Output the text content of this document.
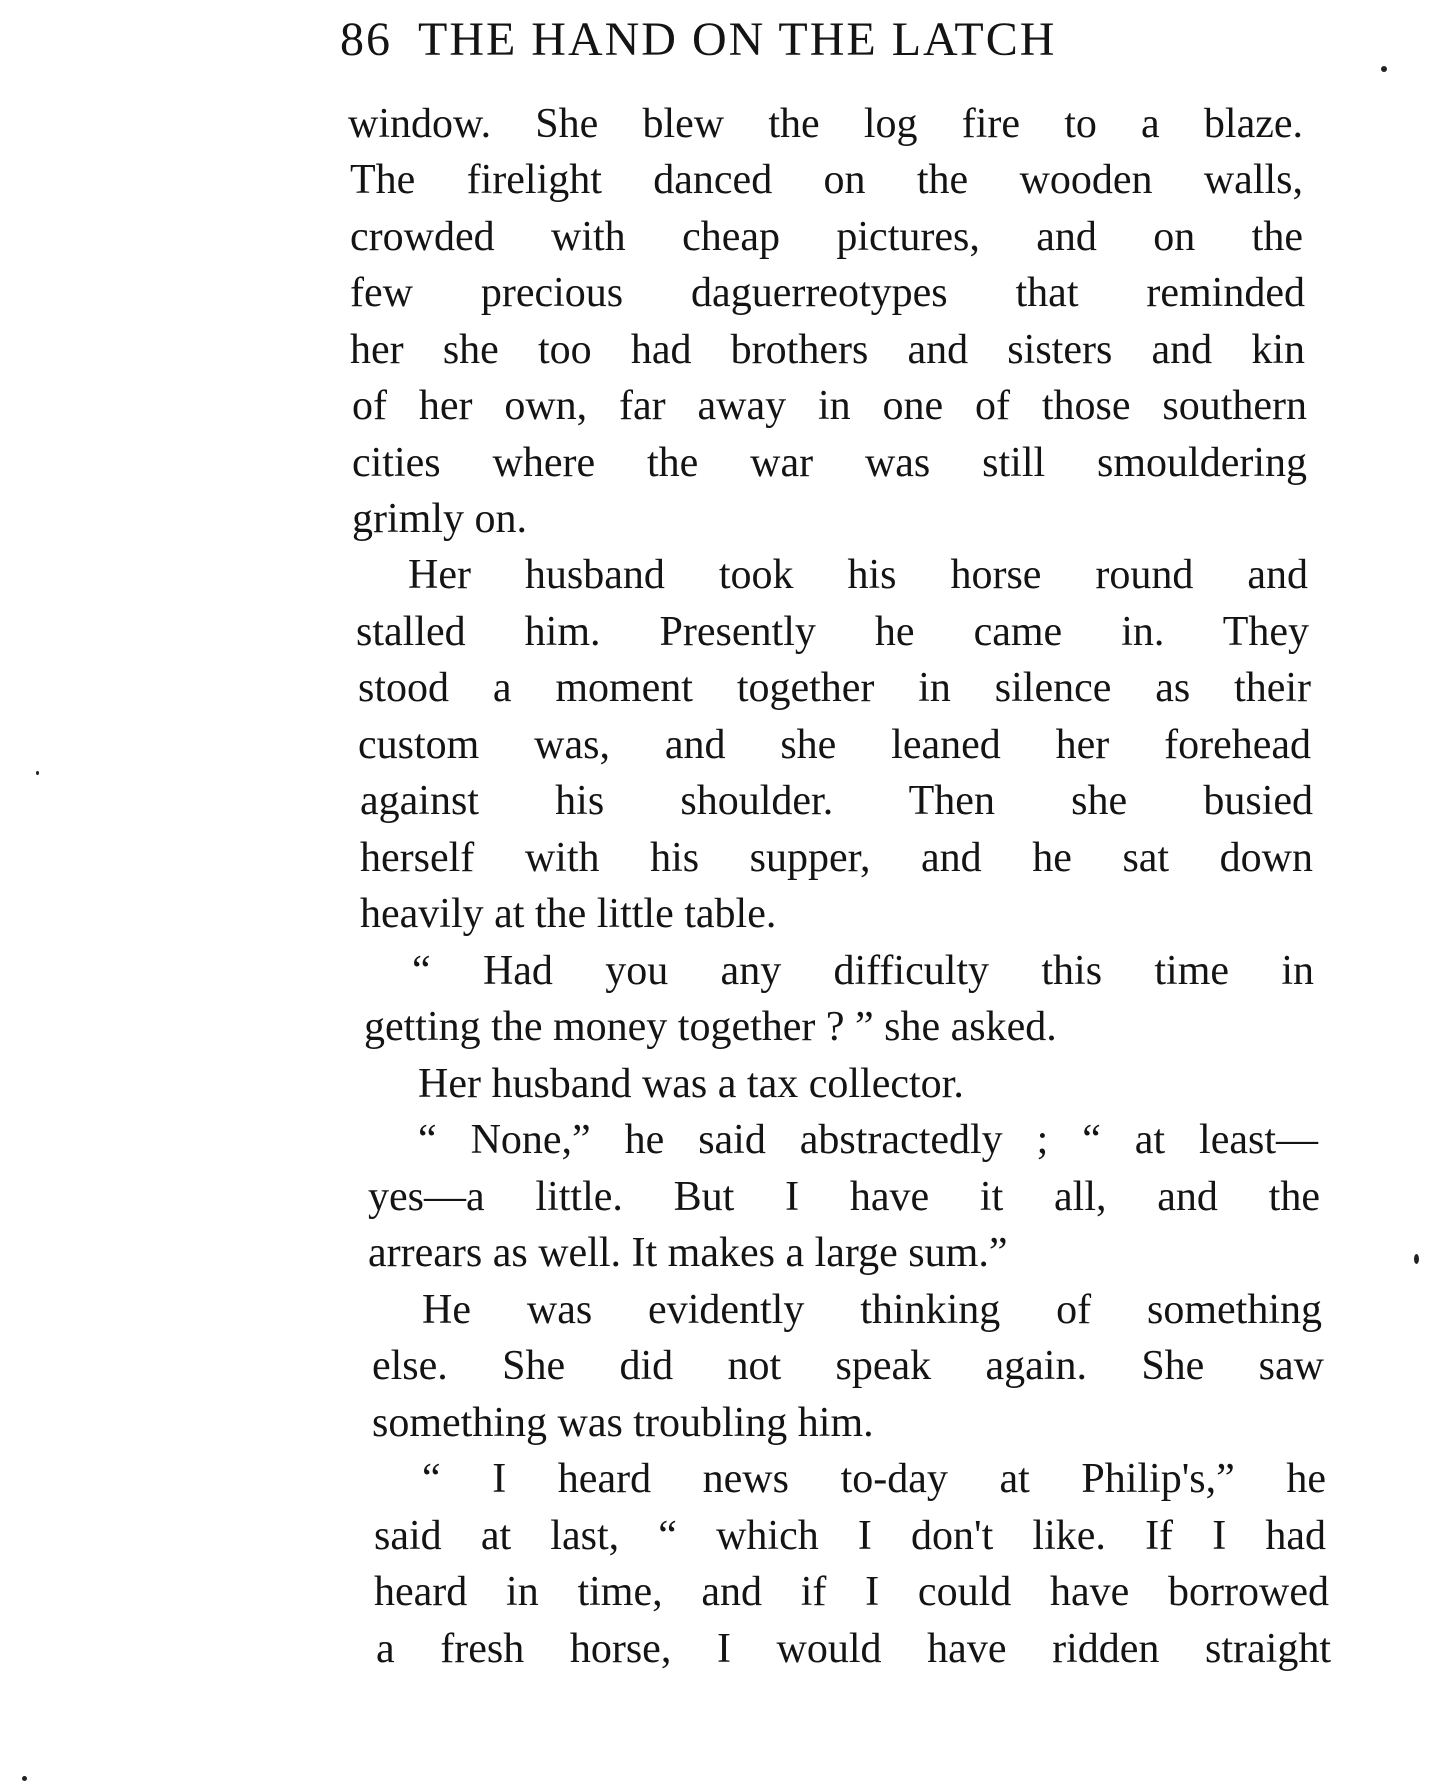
86 THE HAND ON THE LATCH
window. She blew the log fire to a blaze.
The firelight danced on the wooden walls,
crowded with cheap pictures, and on the
few precious daguerreotypes that reminded
her she too had brothers and sisters and kin
of her own, far away in one of those southern
cities where the war was still smouldering
grimly on.
Her husband took his horse round and
stalled him. Presently he came in. They
stood a moment together in silence as their
custom was, and she leaned her forehead
against his shoulder. Then she busied
herself with his supper, and he sat down
heavily at the little table.
“ Had you any difficulty this time in
getting the money together ? ” she asked.
Her husband was a tax collector.
“ None,” he said abstractedly ; “ at least—
yes—a little. But I have it all, and the
arrears as well. It makes a large sum.”
He was evidently thinking of something
else. She did not speak again. She saw
something was troubling him.
“ I heard news to-day at Philip's,” he
said at last, “ which I don't like. If I had
heard in time, and if I could have borrowed
a fresh horse, I would have ridden straight
